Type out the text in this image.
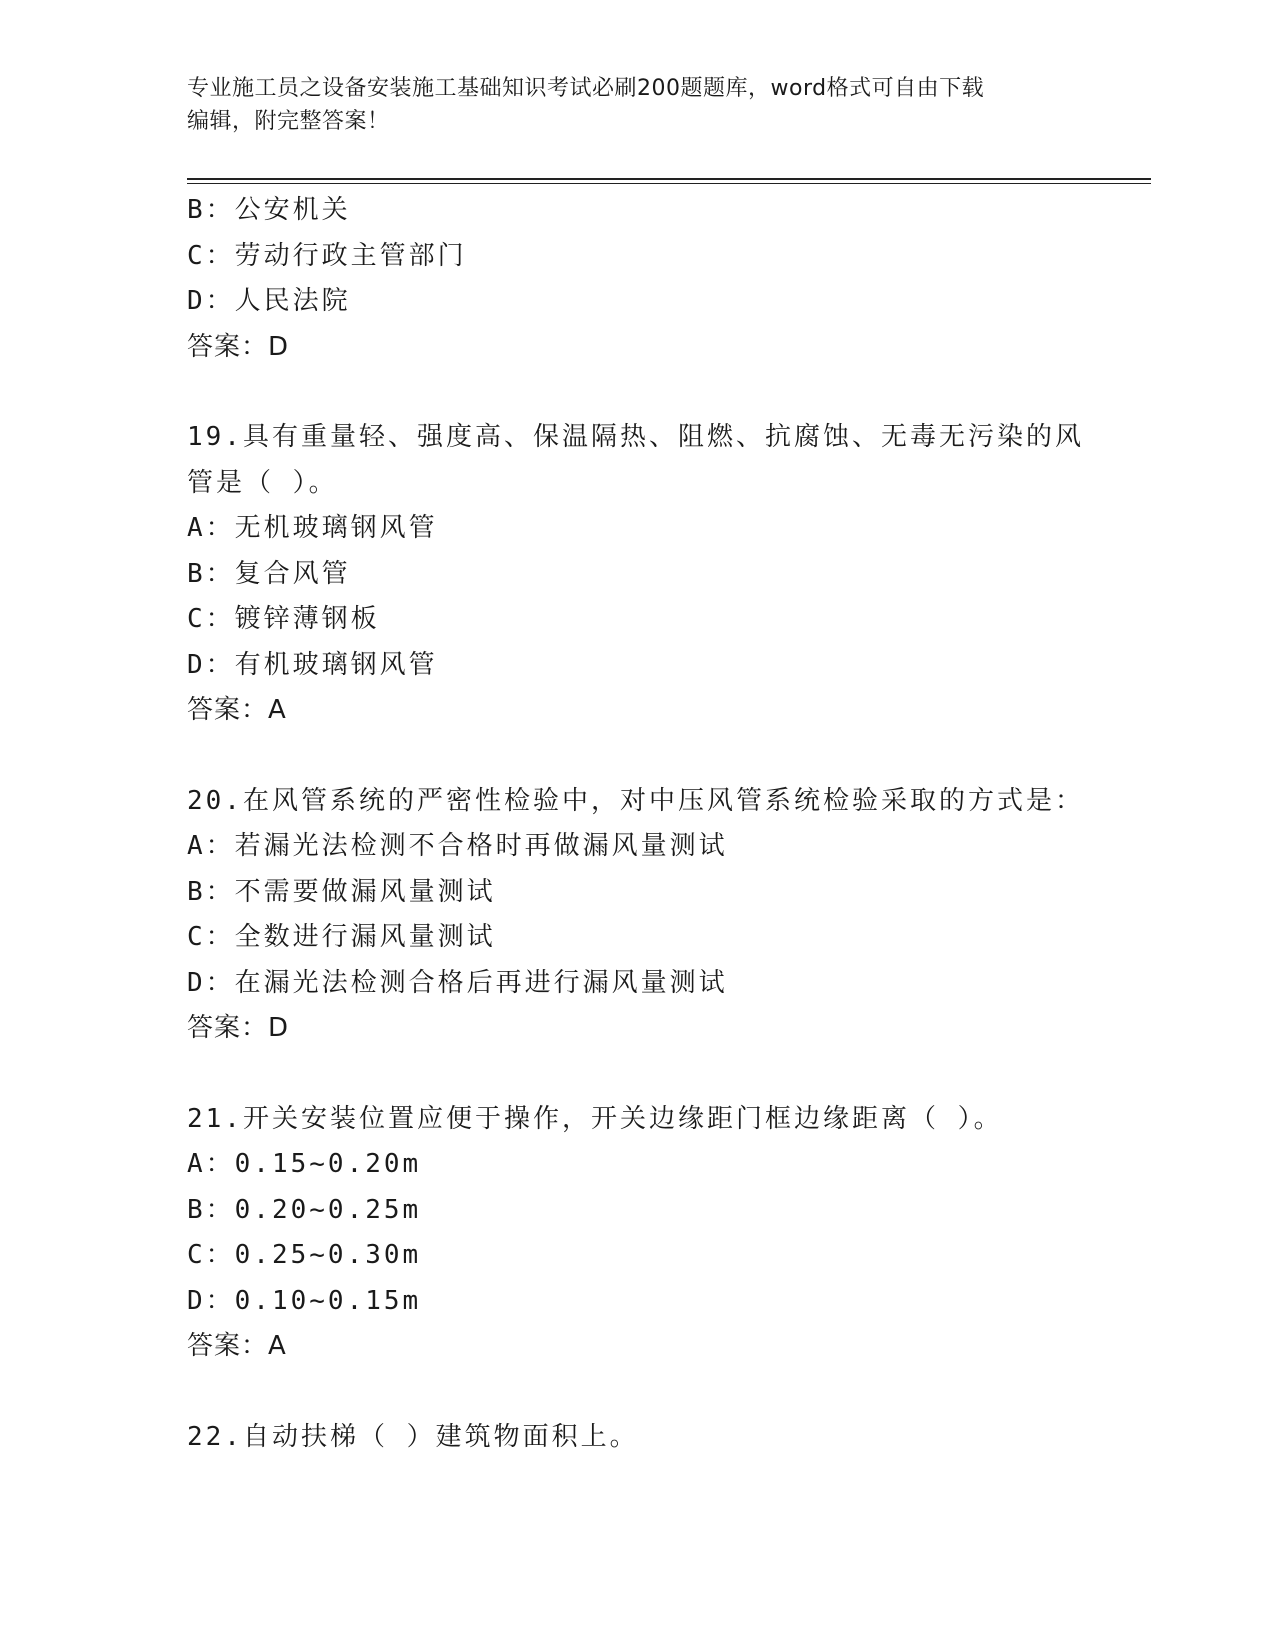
专业施工员之设备安装施工基础知识考试必刷200题题库，word格式可自由下载
编辑，附完整答案！
B：公安机关
C：劳动行政主管部门
D：人民法院
答案：D
19.具有重量轻、强度高、保温隔热、阻燃、抗腐蚀、无毒无污染的风
管是（ ）。
A：无机玻璃钢风管
B：复合风管
C：镀锌薄钢板
D：有机玻璃钢风管
答案：A
20.在风管系统的严密性检验中，对中压风管系统检验采取的方式是：
A：若漏光法检测不合格时再做漏风量测试
B：不需要做漏风量测试
C：全数进行漏风量测试
D：在漏光法检测合格后再进行漏风量测试
答案：D
21.开关安装位置应便于操作，开关边缘距门框边缘距离（ ）。
A：0.15~0.20m
B：0.20~0.25m
C：0.25~0.30m
D：0.10~0.15m
答案：A
22.自动扶梯（ ）建筑物面积上。
